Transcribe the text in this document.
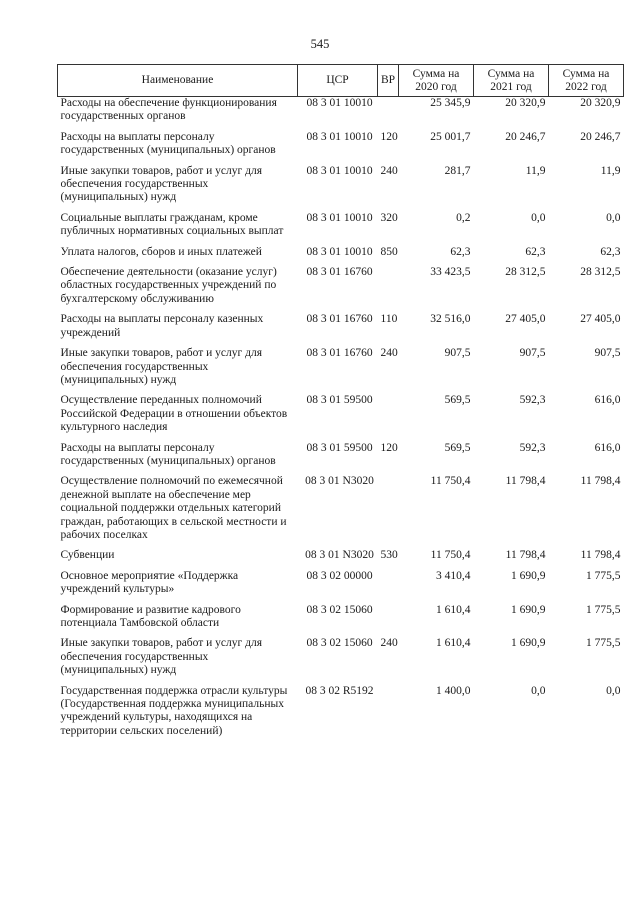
545
Наименование	ЦСР	ВР	Сумма на 2020 год	Сумма на 2021 год	Сумма на 2022 год
Расходы на обеспечение функционирования государственных органов	08 3 01 10010		25 345,9	20 320,9	20 320,9
Расходы на выплаты персоналу государственных (муниципальных) органов	08 3 01 10010	120	25 001,7	20 246,7	20 246,7
Иные закупки товаров, работ и услуг для обеспечения государственных (муниципальных) нужд	08 3 01 10010	240	281,7	11,9	11,9
Социальные выплаты гражданам, кроме публичных нормативных социальных выплат	08 3 01 10010	320	0,2	0,0	0,0
Уплата налогов, сборов и иных платежей	08 3 01 10010	850	62,3	62,3	62,3
Обеспечение деятельности (оказание услуг) областных государственных учреждений по бухгалтерскому обслуживанию	08 3 01 16760		33 423,5	28 312,5	28 312,5
Расходы на выплаты персоналу казенных учреждений	08 3 01 16760	110	32 516,0	27 405,0	27 405,0
Иные закупки товаров, работ и услуг для обеспечения государственных (муниципальных) нужд	08 3 01 16760	240	907,5	907,5	907,5
Осуществление переданных полномочий Российской Федерации в отношении объектов культурного наследия	08 3 01 59500		569,5	592,3	616,0
Расходы на выплаты персоналу государственных (муниципальных) органов	08 3 01 59500	120	569,5	592,3	616,0
Осуществление полномочий по ежемесячной денежной выплате на обеспечение мер социальной поддержки отдельных категорий граждан, работающих в сельской местности и рабочих поселках	08 3 01 N3020		11 750,4	11 798,4	11 798,4
Субвенции	08 3 01 N3020	530	11 750,4	11 798,4	11 798,4
Основное мероприятие «Поддержка учреждений культуры»	08 3 02 00000		3 410,4	1 690,9	1 775,5
Формирование и развитие кадрового потенциала Тамбовской области	08 3 02 15060		1 610,4	1 690,9	1 775,5
Иные закупки товаров, работ и услуг для обеспечения государственных (муниципальных) нужд	08 3 02 15060	240	1 610,4	1 690,9	1 775,5
Государственная поддержка отрасли культуры (Государственная поддержка муниципальных учреждений культуры, находящихся на территории сельских поселений)	08 3 02 R5192		1 400,0	0,0	0,0
